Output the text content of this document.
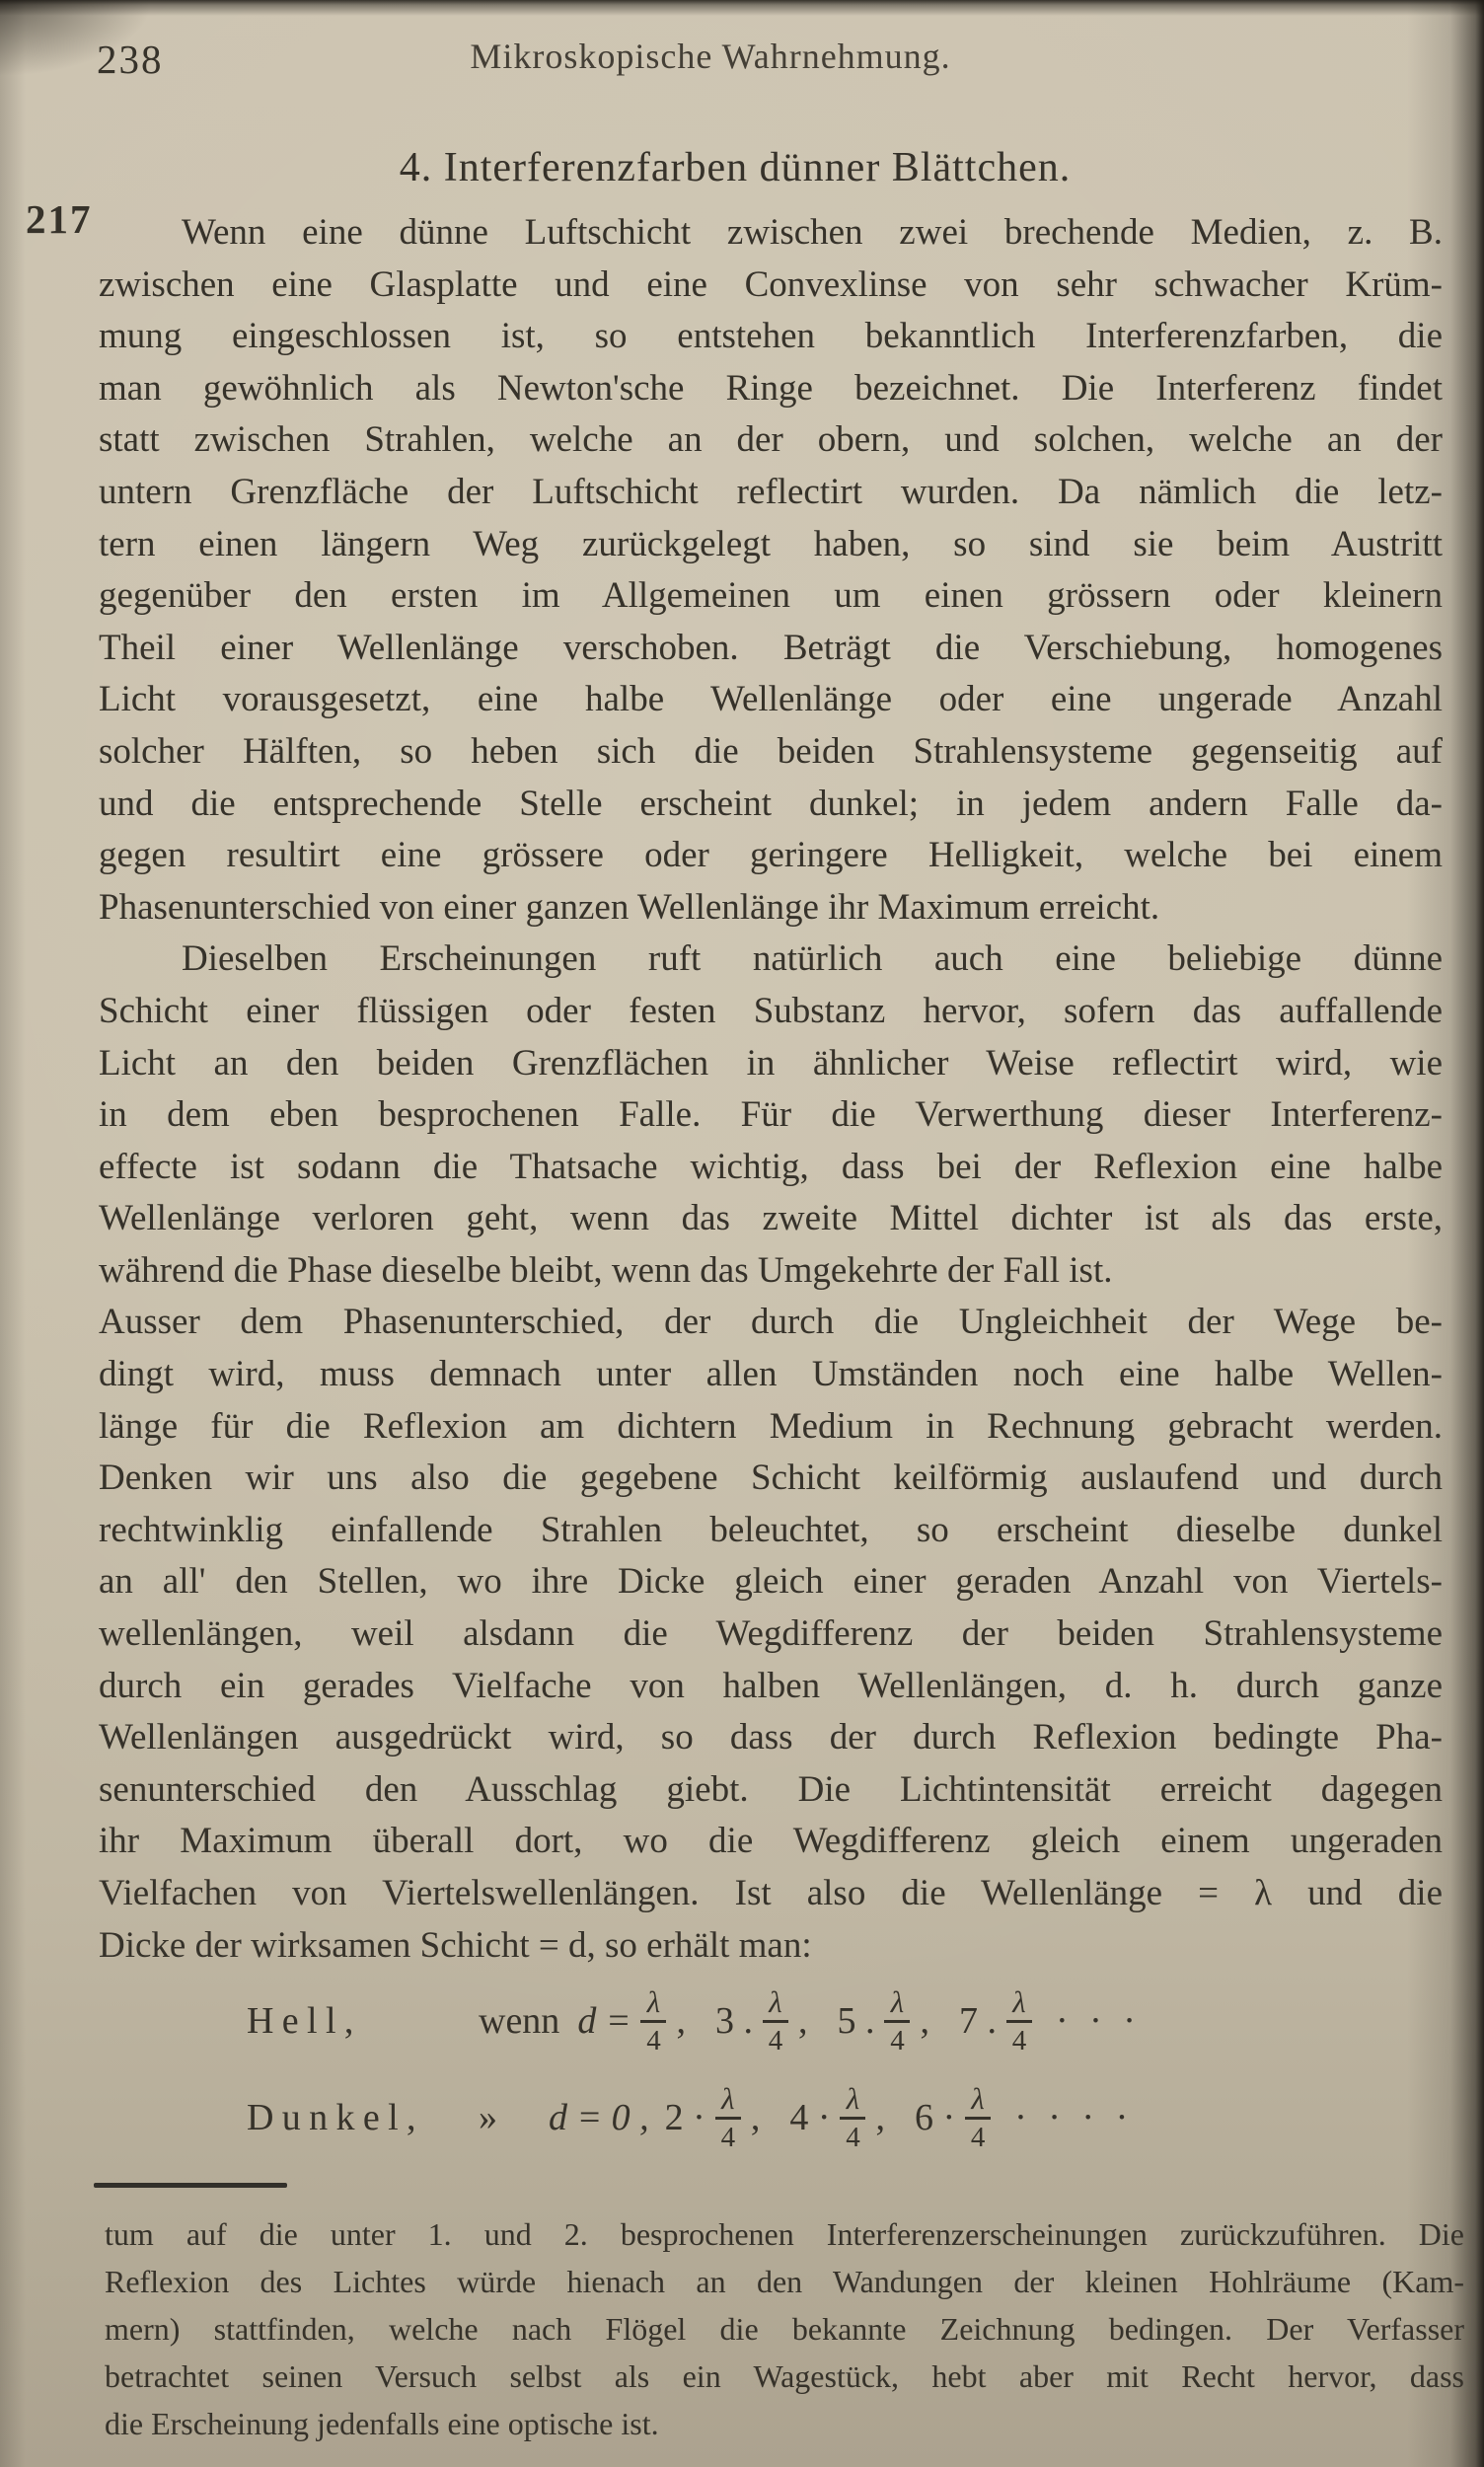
238	Mikroskopische Wahrnehmung.
4. Interferenzfarben dünner Blättchen.
217	Wenn eine dünne Luftschicht zwischen zwei brechende Medien, z. B.
zwischen eine Glasplatte und eine Convexlinse von sehr schwacher Krüm-
mung eingeschlossen ist, so entstehen bekanntlich Interferenzfarben, die
man gewöhnlich als Newton'sche Ringe bezeichnet. Die Interferenz findet
statt zwischen Strahlen, welche an der obern, und solchen, welche an der
untern Grenzfläche der Luftschicht reflectirt wurden. Da nämlich die letz-
tern einen längern Weg zurückgelegt haben, so sind sie beim Austritt
gegenüber den ersten im Allgemeinen um einen grössern oder kleinern
Theil einer Wellenlänge verschoben. Beträgt die Verschiebung, homogenes
Licht vorausgesetzt, eine halbe Wellenlänge oder eine ungerade Anzahl
solcher Hälften, so heben sich die beiden Strahlensysteme gegenseitig auf
und die entsprechende Stelle erscheint dunkel; in jedem andern Falle da-
gegen resultirt eine grössere oder geringere Helligkeit, welche bei einem
Phasenunterschied von einer ganzen Wellenlänge ihr Maximum erreicht.
Dieselben Erscheinungen ruft natürlich auch eine beliebige dünne
Schicht einer flüssigen oder festen Substanz hervor, sofern das auffallende
Licht an den beiden Grenzflächen in ähnlicher Weise reflectirt wird, wie
in dem eben besprochenen Falle. Für die Verwerthung dieser Interferenz-
effecte ist sodann die Thatsache wichtig, dass bei der Reflexion eine halbe
Wellenlänge verloren geht, wenn das zweite Mittel dichter ist als das erste,
während die Phase dieselbe bleibt, wenn das Umgekehrte der Fall ist.
Ausser dem Phasenunterschied, der durch die Ungleichheit der Wege be-
dingt wird, muss demnach unter allen Umständen noch eine halbe Wellen-
länge für die Reflexion am dichtern Medium in Rechnung gebracht werden.
Denken wir uns also die gegebene Schicht keilförmig auslaufend und durch
rechtwinklig einfallende Strahlen beleuchtet, so erscheint dieselbe dunkel
an all' den Stellen, wo ihre Dicke gleich einer geraden Anzahl von Viertels-
wellenlängen, weil alsdann die Wegdifferenz der beiden Strahlensysteme
durch ein gerades Vielfache von halben Wellenlängen, d. h. durch ganze
Wellenlängen ausgedrückt wird, so dass der durch Reflexion bedingte Pha-
senunterschied den Ausschlag giebt. Die Lichtintensität erreicht dagegen
ihr Maximum überall dort, wo die Wegdifferenz gleich einem ungeraden
Vielfachen von Viertelswellenlängen. Ist also die Wellenlänge = λ und die
Dicke der wirksamen Schicht = d, so erhält man:
Hell,	wenn $d = \frac{\lambda}{4}$ , 3 . $\frac{\lambda}{4}$ , 5 . $\frac{\lambda}{4}$ , 7 . $\frac{\lambda}{4}$ · · ·
Dunkel,	» d = 0 , $2 \cdot \frac{\lambda}{4}$ , $4 \cdot \frac{\lambda}{4}$ , $6 \cdot \frac{\lambda}{4}$ · · · ·
tum auf die unter 1. und 2. besprochenen Interferenzerscheinungen zurückzuführen. Die
Reflexion des Lichtes würde hienach an den Wandungen der kleinen Hohlräume (Kam-
mern) stattfinden, welche nach Flögel die bekannte Zeichnung bedingen. Der Verfasser
betrachtet seinen Versuch selbst als ein Wagestück, hebt aber mit Recht hervor, dass
die Erscheinung jedenfalls eine optische ist.
